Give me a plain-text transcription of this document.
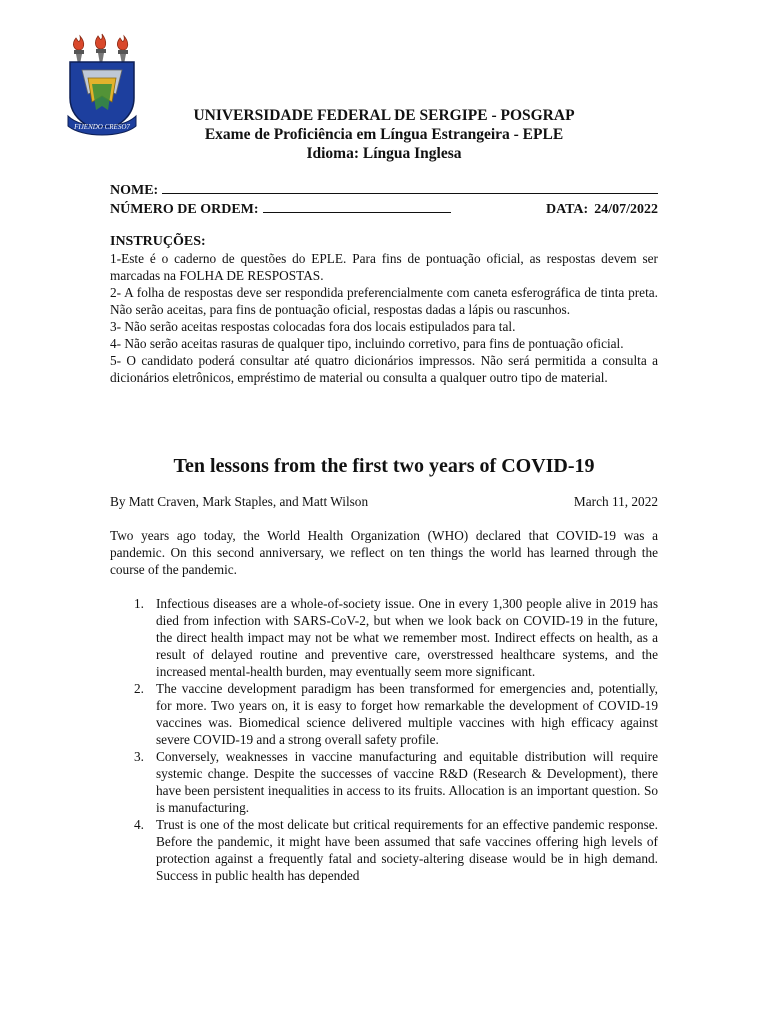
FIJENDO CRESO7
UNIVERSIDADE FEDERAL DE SERGIPE - POSGRAP
Exame de Proficiência em Língua Estrangeira - EPLE
Idioma: Língua Inglesa
NOME:
NÚMERO DE ORDEM:	DATA: 24/07/2022
INSTRUÇÕES:

1-Este é o caderno de questões do EPLE. Para fins de pontuação oficial, as respostas devem ser marcadas na FOLHA DE RESPOSTAS.

2- A folha de respostas deve ser respondida preferencialmente com caneta esferográfica de tinta preta. Não serão aceitas, para fins de pontuação oficial, respostas dadas a lápis ou rascunhos.

3- Não serão aceitas respostas colocadas fora dos locais estipulados para tal.

4- Não serão aceitas rasuras de qualquer tipo, incluindo corretivo, para fins de pontuação oficial.

5- O candidato poderá consultar até quatro dicionários impressos. Não será permitida a consulta a dicionários eletrônicos, empréstimo de material ou consulta a qualquer outro tipo de material.

Ten lessons from the first two years of COVID-19
By Matt Craven, Mark Staples, and Matt Wilson	March 11, 2022

Two years ago today, the World Health Organization (WHO) declared that COVID-19 was a pandemic. On this second anniversary, we reflect on ten things the world has learned through the course of the pandemic.

1. Infectious diseases are a whole-of-society issue. One in every 1,300 people alive in 2019 has died from infection with SARS-CoV-2, but when we look back on COVID-19 in the future, the direct health impact may not be what we remember most. Indirect effects on health, as a result of delayed routine and preventive care, overstressed healthcare systems, and the increased mental-health burden, may eventually seem more significant.
2. The vaccine development paradigm has been transformed for emergencies and, potentially, for more. Two years on, it is easy to forget how remarkable the development of COVID-19 vaccines was. Biomedical science delivered multiple vaccines with high efficacy against severe COVID-19 and a strong overall safety profile.
3. Conversely, weaknesses in vaccine manufacturing and equitable distribution will require systemic change. Despite the successes of vaccine R&D (Research & Development), there have been persistent inequalities in access to its fruits. Allocation is an important question. So is manufacturing.
4. Trust is one of the most delicate but critical requirements for an effective pandemic response. Before the pandemic, it might have been assumed that safe vaccines offering high levels of protection against a frequently fatal and society-altering disease would be in high demand. Success in public health has depended
